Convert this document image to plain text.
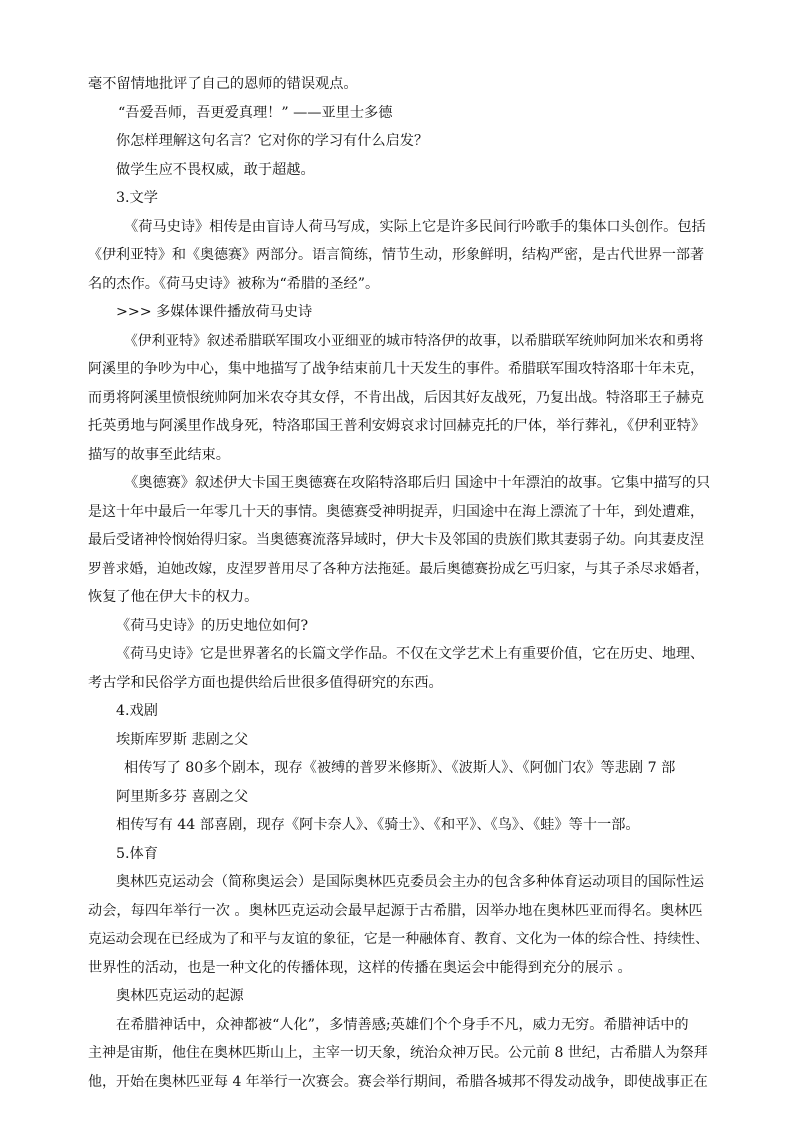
毫不留情地批评了自己的恩师的错误观点。

“吾爱吾师，吾更爱真理！” ——亚里士多德

你怎样理解这句名言？它对你的学习有什么启发？

做学生应不畏权威，敢于超越。

3.文学

《荷马史诗》相传是由盲诗人荷马写成，实际上它是许多民间行吟歌手的集体口头创作。包括

《伊利亚特》和《奥德赛》两部分。语言简练，情节生动，形象鲜明，结构严密，是古代世界一部著

名的杰作。《荷马史诗》被称为“希腊的圣经”。

>>> 多媒体课件播放荷马史诗

《伊利亚特》叙述希腊联军围攻小亚细亚的城市特洛伊的故事，以希腊联军统帅阿加米农和勇将

阿溪里的争吵为中心，集中地描写了战争结束前几十天发生的事件。希腊联军围攻特洛耶十年未克，

而勇将阿溪里愤恨统帅阿加米农夺其女俘，不肯出战，后因其好友战死，乃复出战。特洛耶王子赫克

托英勇地与阿溪里作战身死，特洛耶国王普利安姆哀求讨回赫克托的尸体，举行葬礼，《伊利亚特》

描写的故事至此结束。

《奥德赛》叙述伊大卡国王奥德赛在攻陷特洛耶后归 国途中十年漂泊的故事。它集中描写的只

是这十年中最后一年零几十天的事情。奥德赛受神明捉弄，归国途中在海上漂流了十年，到处遭难，

最后受诸神怜悯始得归家。当奥德赛流落异域时，伊大卡及邻国的贵族们欺其妻弱子幼。向其妻皮涅

罗普求婚，迫她改嫁，皮涅罗普用尽了各种方法拖延。最后奥德赛扮成乞丐归家，与其子杀尽求婚者，

恢复了他在伊大卡的权力。

《荷马史诗》的历史地位如何?

《荷马史诗》它是世界著名的长篇文学作品。不仅在文学艺术上有重要价值，它在历史、地理、

考古学和民俗学方面也提供给后世很多值得研究的东西。

4.戏剧

埃斯库罗斯 悲剧之父

相传写了 80多个剧本，现存《被缚的普罗米修斯》、《波斯人》、《阿伽门农》等悲剧 7 部

阿里斯多芬 喜剧之父

相传写有 44 部喜剧，现存《阿卡奈人》、《骑士》、《和平》、《鸟》、《蛙》等十一部。

5.体育

奥林匹克运动会（简称奥运会）是国际奥林匹克委员会主办的包含多种体育运动项目的国际性运

动会，每四年举行一次 。奥林匹克运动会最早起源于古希腊，因举办地在奥林匹亚而得名。奥林匹

克运动会现在已经成为了和平与友谊的象征，它是一种融体育、教育、文化为一体的综合性、持续性、

世界性的活动，也是一种文化的传播体现，这样的传播在奥运会中能得到充分的展示 。

奥林匹克运动的起源

在希腊神话中，众神都被“人化”，多情善感;英雄们个个身手不凡，威力无穷。希腊神话中的

主神是宙斯，他住在奥林匹斯山上，主宰一切天象，统治众神万民。公元前 8 世纪，古希腊人为祭拜

他，开始在奥林匹亚每 4 年举行一次赛会。赛会举行期间，希腊各城邦不得发动战争，即使战事正在
